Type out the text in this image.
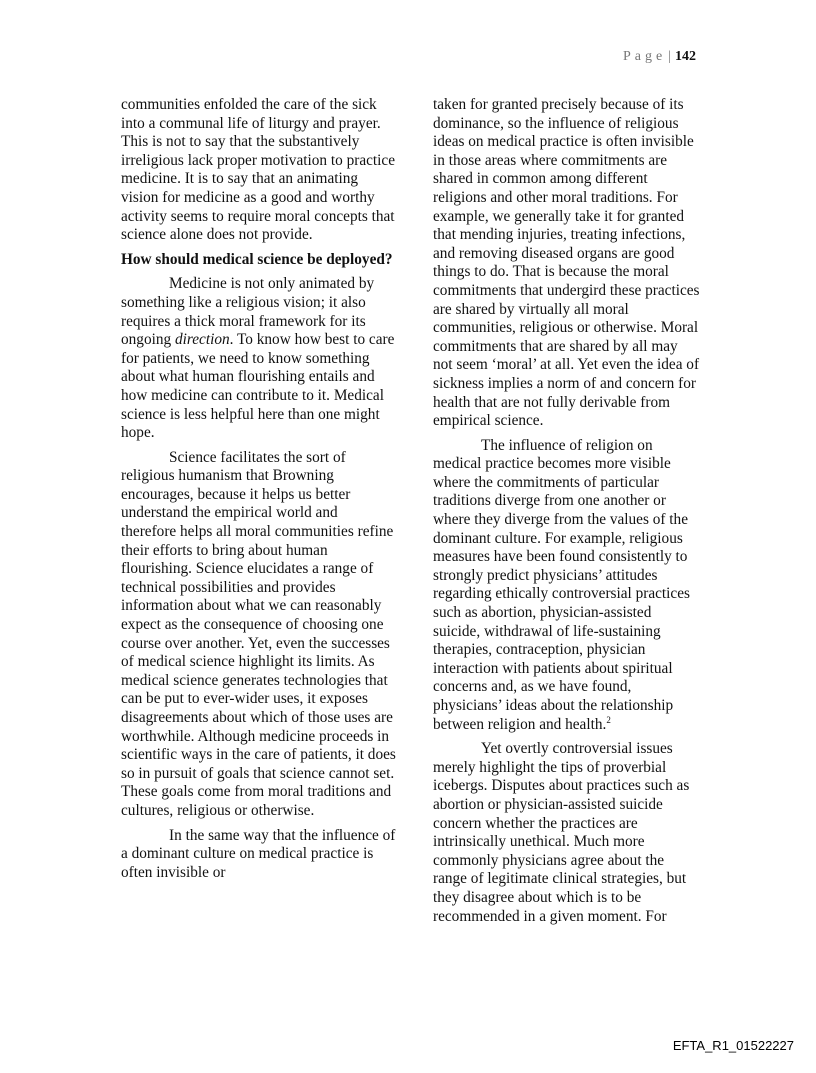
Page | 142

communities enfolded the care of the sick into a communal life of liturgy and prayer. This is not to say that the substantively irreligious lack proper motivation to practice medicine. It is to say that an animating vision for medicine as a good and worthy activity seems to require moral concepts that science alone does not provide.

How should medical science be deployed?

Medicine is not only animated by something like a religious vision; it also requires a thick moral framework for its ongoing direction. To know how best to care for patients, we need to know something about what human flourishing entails and how medicine can contribute to it. Medical science is less helpful here than one might hope.

Science facilitates the sort of religious humanism that Browning encourages, because it helps us better understand the empirical world and therefore helps all moral communities refine their efforts to bring about human flourishing. Science elucidates a range of technical possibilities and provides information about what we can reasonably expect as the consequence of choosing one course over another. Yet, even the successes of medical science highlight its limits. As medical science generates technologies that can be put to ever-wider uses, it exposes disagreements about which of those uses are worthwhile. Although medicine proceeds in scientific ways in the care of patients, it does so in pursuit of goals that science cannot set. These goals come from moral traditions and cultures, religious or otherwise.

In the same way that the influence of a dominant culture on medical practice is often invisible or

taken for granted precisely because of its dominance, so the influence of religious ideas on medical practice is often invisible in those areas where commitments are shared in common among different religions and other moral traditions. For example, we generally take it for granted that mending injuries, treating infections, and removing diseased organs are good things to do. That is because the moral commitments that undergird these practices are shared by virtually all moral communities, religious or otherwise. Moral commitments that are shared by all may not seem ‘moral’ at all. Yet even the idea of sickness implies a norm of and concern for health that are not fully derivable from empirical science.

The influence of religion on medical practice becomes more visible where the commitments of particular traditions diverge from one another or where they diverge from the values of the dominant culture. For example, religious measures have been found consistently to strongly predict physicians’ attitudes regarding ethically controversial practices such as abortion, physician-assisted suicide, withdrawal of life-sustaining therapies, contraception, physician interaction with patients about spiritual concerns and, as we have found, physicians’ ideas about the relationship between religion and health.$^2$

Yet overtly controversial issues merely highlight the tips of proverbial icebergs. Disputes about practices such as abortion or physician-assisted suicide concern whether the practices are intrinsically unethical. Much more commonly physicians agree about the range of legitimate clinical strategies, but they disagree about which is to be recommended in a given moment. For

EFTA_R1_01522227
